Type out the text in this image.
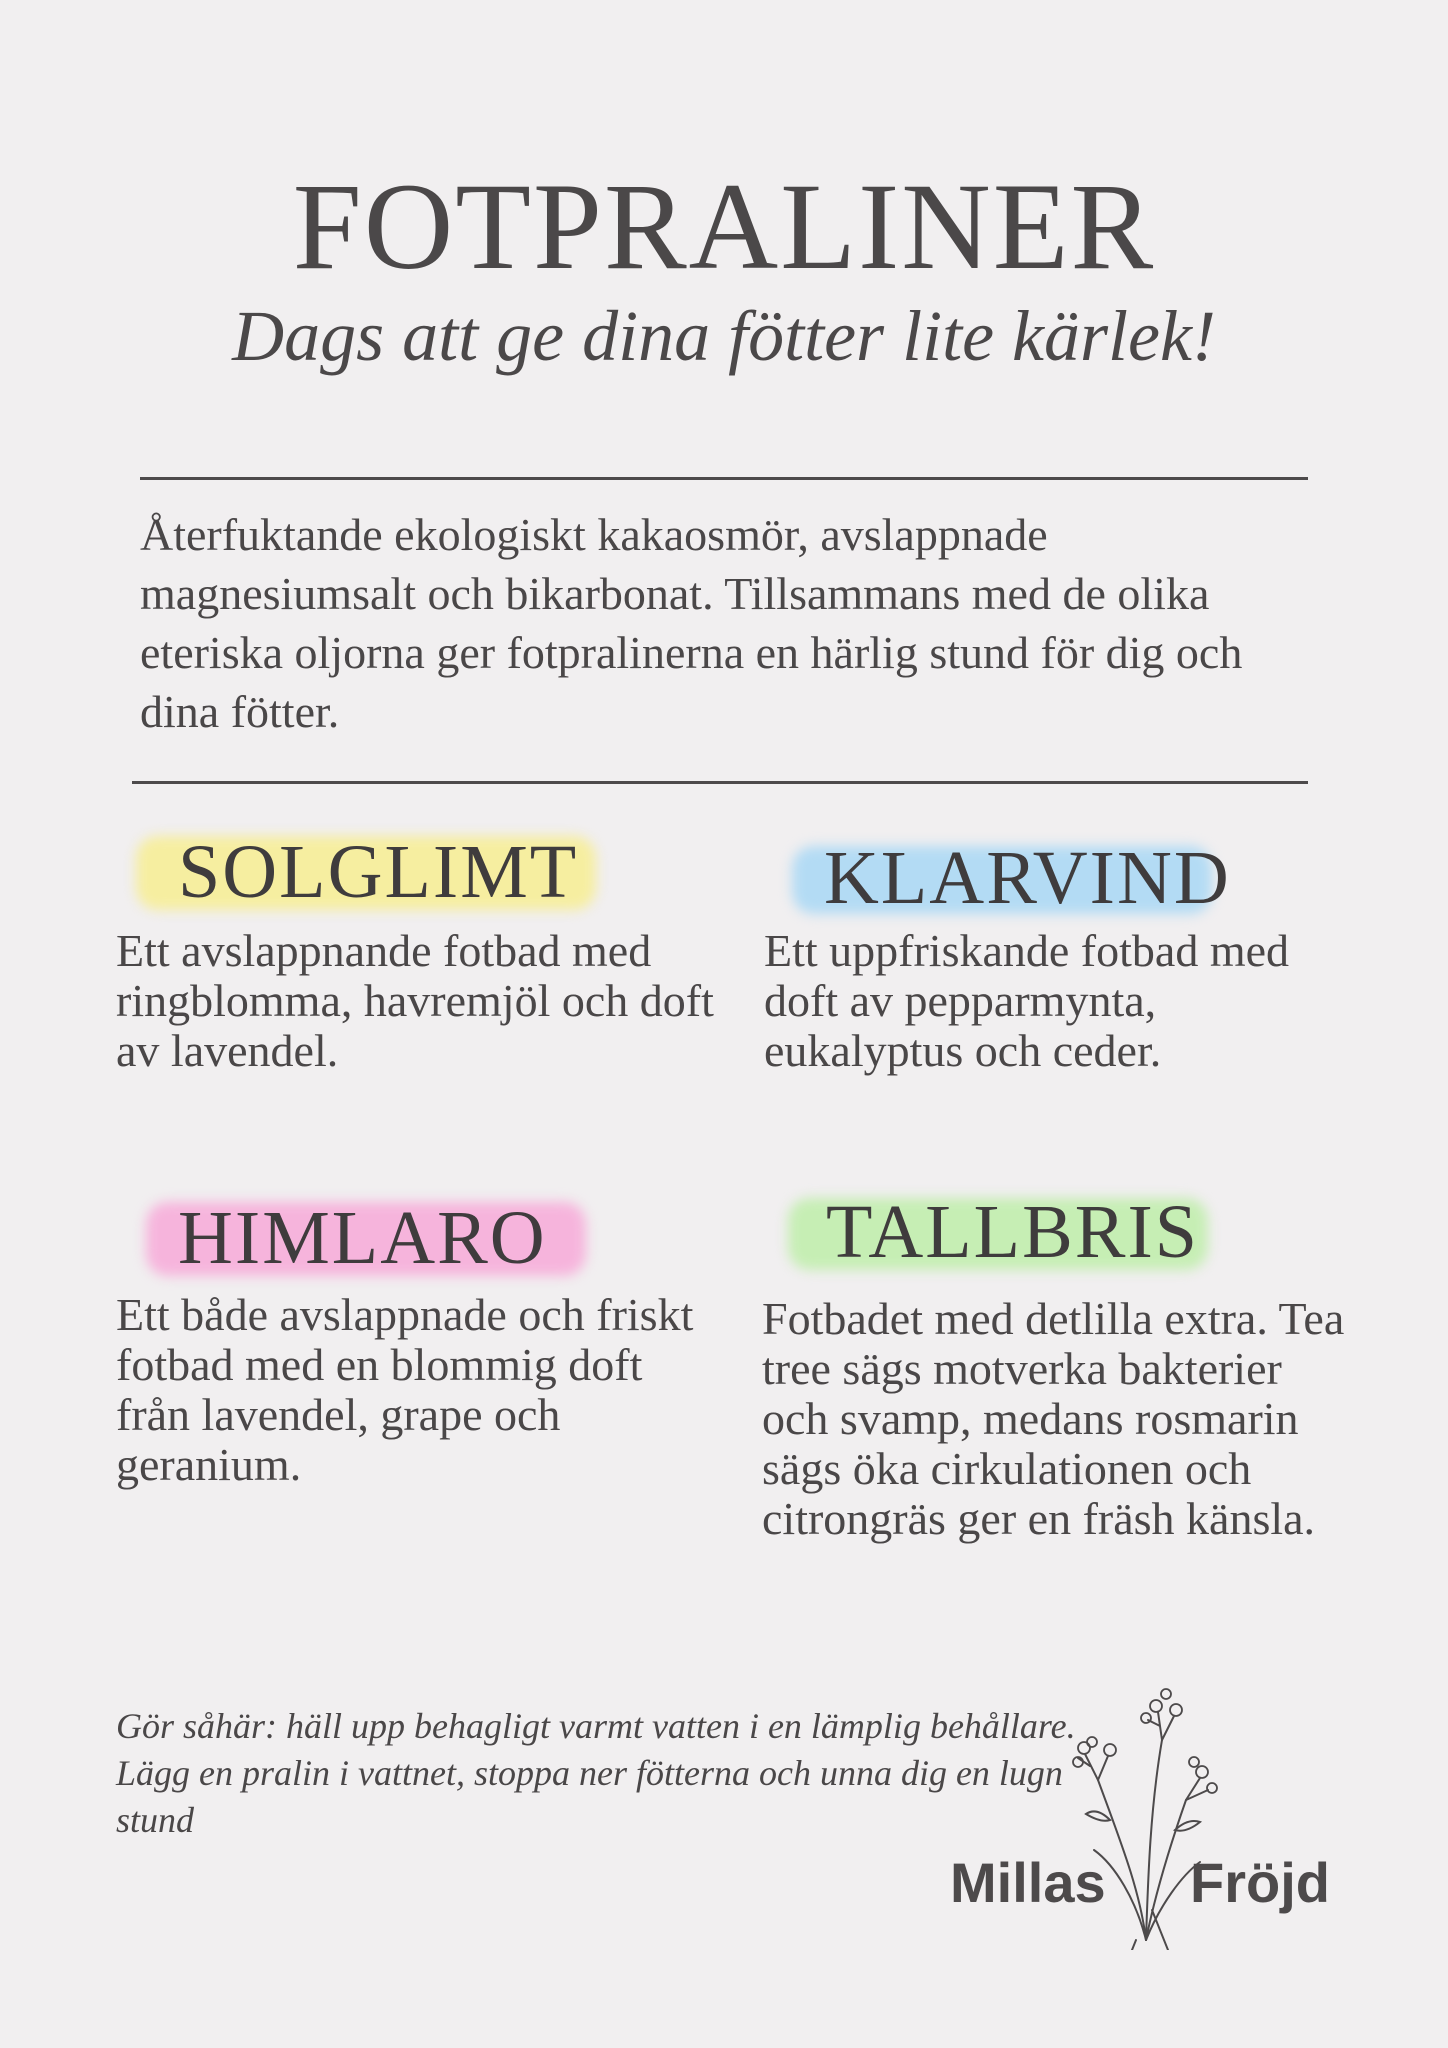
FOTPRALINER
Dags att ge dina fötter lite kärlek!
Återfuktande ekologiskt kakaosmör, avslappnade magnesiumsalt och bikarbonat. Tillsammans med de olika eteriska oljorna ger fotpralinerna en härlig stund för dig och dina fötter.
SOLGLIMT
Ett avslappnande fotbad med ringblomma, havremjöl och doft av lavendel.
KLARVIND
Ett uppfriskande fotbad med doft av pepparmynta, eukalyptus och ceder.
HIMLARO
Ett både avslappnade och friskt fotbad med en blommig doft från lavendel, grape och geranium.
TALLBRIS
Fotbadet med detlilla extra. Tea tree sägs motverka bakterier och svamp, medans rosmarin sägs öka cirkulationen och citrongräs ger en fräsh känsla.
Gör såhär: häll upp behagligt varmt vatten i en lämplig behållare. Lägg en pralin i vattnet, stoppa ner fötterna och unna dig en lugn stund
Millas Fröjd
